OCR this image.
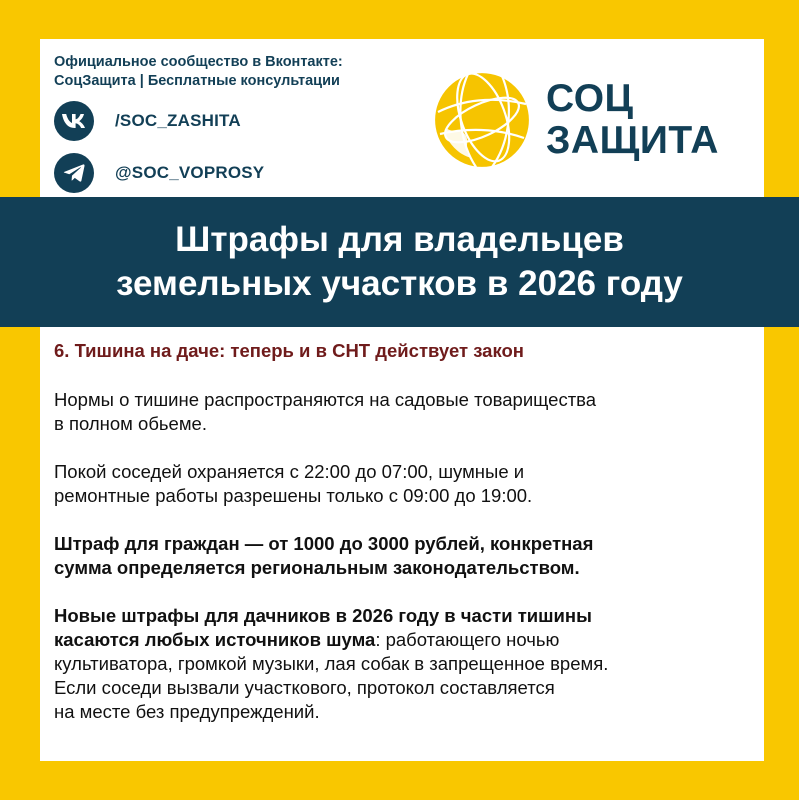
Официальное сообщество в Вконтакте:
СоцЗащита | Бесплатные консультации
/SOC_ZASHITA
@SOC_VOPROSY
СОЦ
ЗАЩИТА
6. Тишина на даче: теперь и в СНТ действует закон
Нормы о тишине распространяются на садовые товарищества
в полном обьеме.
Покой соседей охраняется с 22:00 до 07:00, шумные и
ремонтные работы разрешены только с 09:00 до 19:00.
Штраф для граждан — от 1000 до 3000 рублей, конкретная
сумма определяется региональным законодательством.
Новые штрафы для дачников в 2026 году в части тишины
касаются любых источников шума: работающего ночью
культиватора, громкой музыки, лая собак в запрещенное время.
Если соседи вызвали участкового, протокол составляется
на месте без предупреждений.
Штрафы для владельцев
земельных участков в 2026 году
